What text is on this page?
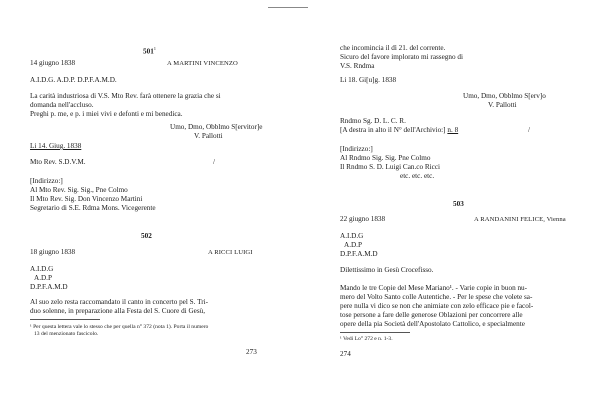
$501^1$
14 giugno 1838	A MARTINI VINCENZO
A.I.D.G. A.D.P. D.P.F.A.M.D.
La carità industriosa di V.S. Mto Rev. farà ottenere la grazia che si
domanda nell'accluso.
Preghi p. me, e p. i miei vivi e defonti e mi benedica.
Umo, Dmo, Obblmo S[ervitor]e
V. Pallotti
Li 14. Giug. 1838
Mto Rev. S.D.V.M.	/
[Indirizzo:]
Al Mto Rev. Sig. Sig., Pne Colmo
Il Mto Rev. Sig. Don Vincenzo Martini
Segretario di S.E. Rdma Mons. Vicegerente
502
18 giugno 1838	A RICCI LUIGI
A.I.D.G
A.D.P
D.P.F.A.M.D
Al suo zelo resta raccomandato il canto in concerto pel S. Tri-
duo solenne, in preparazione alla Festa del S. Cuore di Gesù,
¹ Per questa lettera vale lo stesso che per quella n° 372 (nota 1). Porta il numero
13 del menzionato fascicolo.
273
che incomincia il dì 21. del corrente.
Sicuro del favore implorato mi rassegno di
V.S. Rndma
Li 18. Gi[u]g. 1838
Umo, Dmo, Obblmo S[erv]o
V. Pallotti
Rndmo Sg. D. L. C. R.
[A destra in alto il N° dell'Archivio:] n. 8	/
[Indirizzo:]
Al Rndmo Sig. Sig. Pne Colmo
Il Rndmo S. D. Luigi Can.co Ricci
etc. etc. etc.
503
22 giugno 1838	A RANDANINI FELICE, Vienna
A.I.D.G
A.D.P
D.P.F.A.M.D
Dilettissimo in Gesù Crocefisso.
Mando le tre Copie del Mese Mariano¹. - Varie copie in buon nu-
mero del Volto Santo colle Autentiche. - Per le spese che volete sa-
pere nulla vi dico se non che animiate con zelo efficace pie e facol-
tose persone a fare delle generose Oblazioni per concorrere alle
opere della pia Società dell'Apostolato Cattolico, e specialmente
¹ Vedi Lo° 272 e n. 1-3.
274
